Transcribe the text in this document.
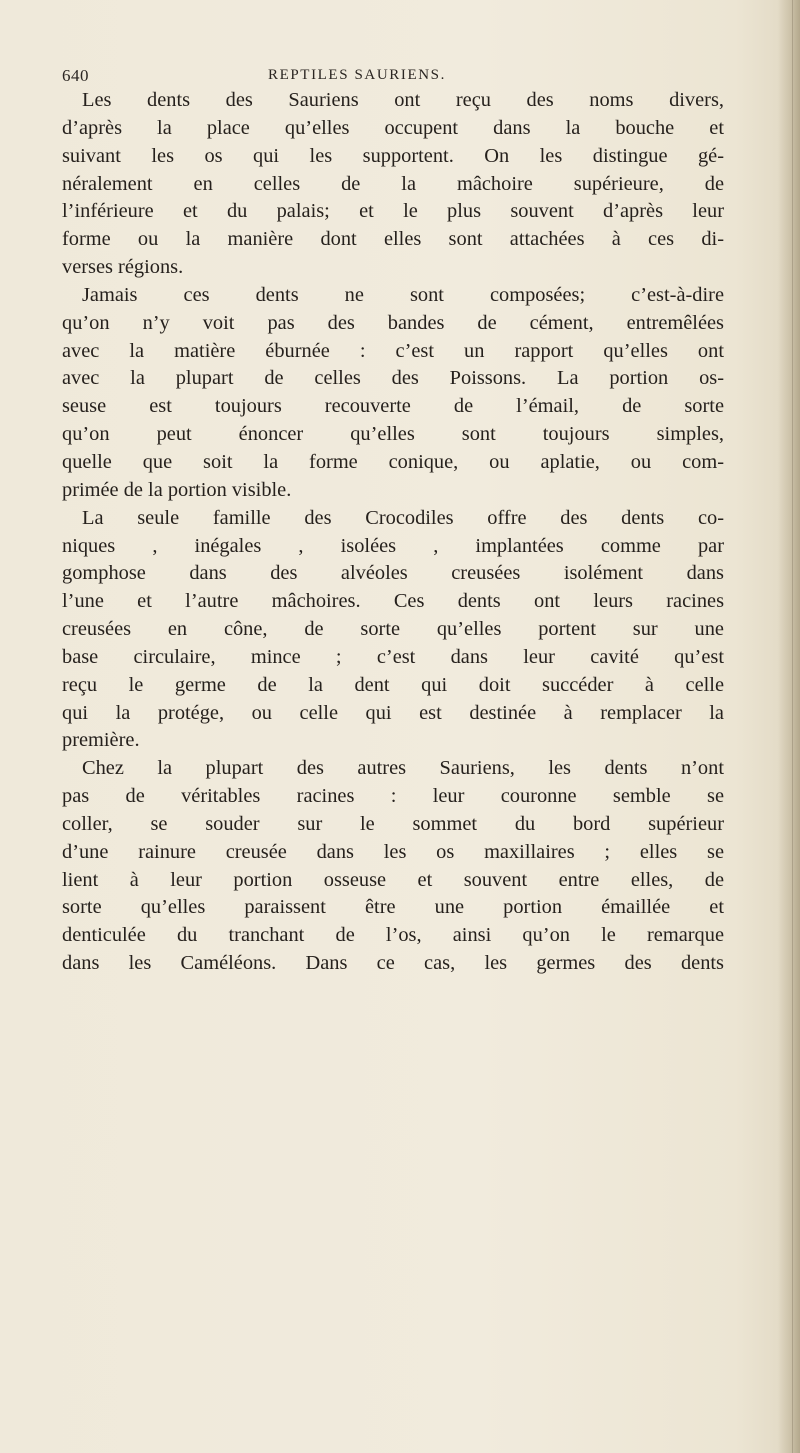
640	REPTILES SAURIENS.
Les dents des Sauriens ont reçu des noms divers,
d’après la place qu’elles occupent dans la bouche et
suivant les os qui les supportent. On les distingue gé-
néralement en celles de la mâchoire supérieure, de
l’inférieure et du palais; et le plus souvent d’après leur
forme ou la manière dont elles sont attachées à ces di-
verses régions.
Jamais ces dents ne sont composées; c’est-à-dire
qu’on n’y voit pas des bandes de cément, entremêlées
avec la matière éburnée : c’est un rapport qu’elles ont
avec la plupart de celles des Poissons. La portion os-
seuse est toujours recouverte de l’émail, de sorte
qu’on peut énoncer qu’elles sont toujours simples,
quelle que soit la forme conique, ou aplatie, ou com-
primée de la portion visible.
La seule famille des Crocodiles offre des dents co-
niques , inégales , isolées , implantées comme par
gomphose dans des alvéoles creusées isolément dans
l’une et l’autre mâchoires. Ces dents ont leurs racines
creusées en cône, de sorte qu’elles portent sur une
base circulaire, mince ; c’est dans leur cavité qu’est
reçu le germe de la dent qui doit succéder à celle
qui la protége, ou celle qui est destinée à remplacer la
première.
Chez la plupart des autres Sauriens, les dents n’ont
pas de véritables racines : leur couronne semble se
coller, se souder sur le sommet du bord supérieur
d’une rainure creusée dans les os maxillaires ; elles se
lient à leur portion osseuse et souvent entre elles, de
sorte qu’elles paraissent être une portion émaillée et
denticulée du tranchant de l’os, ainsi qu’on le remarque
dans les Caméléons. Dans ce cas, les germes des dents
